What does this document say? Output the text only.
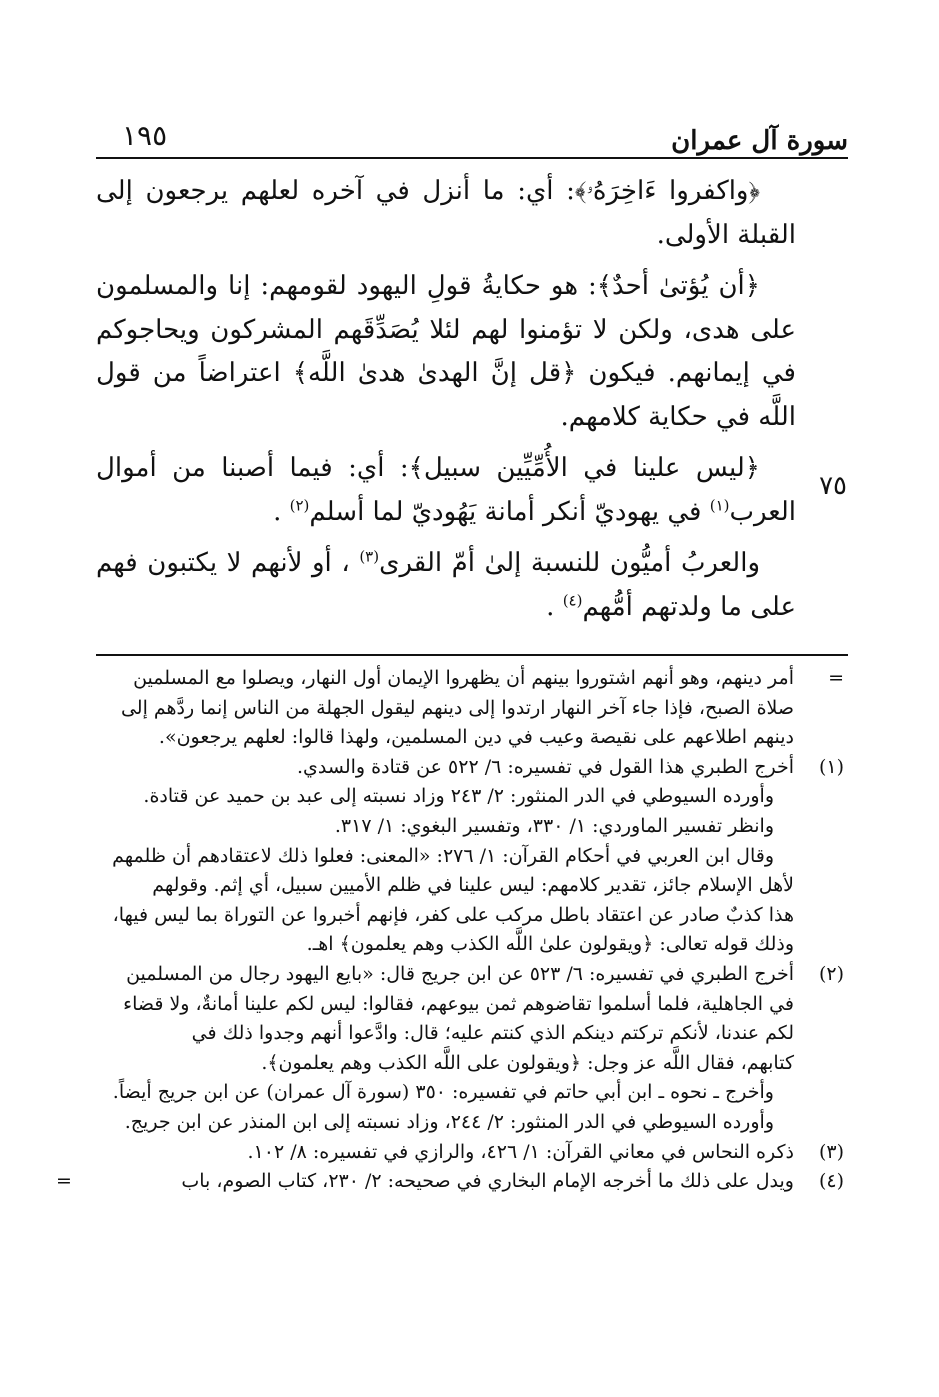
سورة آل عمران
١٩٥

﴿واكفروا ءَاخِرَهُۥ﴾: أي: ما أنزل في آخره لعلهم يرجعون إلى القبلة الأولى.

﴿أن يُؤتىٰ أحدٌ﴾: هو حكايةُ قولِ اليهود لقومهم: إنا والمسلمون على هدى، ولكن لا تؤمنوا لهم لئلا يُصَدِّقَهم المشركون ويحاجوكم في إيمانهم. فيكون ﴿قل إنَّ الهدىٰ هدىٰ اللَّه﴾ اعتراضاً من قول اللَّه في حكاية كلامهم.

﴿ليس علينا في الأُمِّيِّين سبيل﴾: أي: فيما أصبنا من أموال العرب$^{(١)}$ في يهوديّ أنكر أمانة يَهُوديّ لما أسلم$^{(٢)}$ .

والعربُ أميُّون للنسبة إلىٰ أمّ القرى$^{(٣)}$ ، أو لأنهم لا يكتبون فهم على ما ولدتهم أمُّهم$^{(٤)}$ .

٧٥
=
أمر دينهم، وهو أنهم اشتوروا بينهم أن يظهروا الإيمان أول النهار، ويصلوا مع المسلمين
صلاة الصبح، فإذا جاء آخر النهار ارتدوا إلى دينهم ليقول الجهلة من الناس إنما ردَّهم إلى
دينهم اطلاعهم على نقيصة وعيب في دين المسلمين، ولهذا قالوا: لعلهم يرجعون».
(١)
أخرج الطبري هذا القول في تفسيره: ٦/ ٥٢٢ عن قتادة والسدي.
وأورده السيوطي في الدر المنثور: ٢/ ٢٤٣ وزاد نسبته إلى عبد بن حميد عن قتادة.
وانظر تفسير الماوردي: ١/ ٣٣٠، وتفسير البغوي: ١/ ٣١٧.
وقال ابن العربي في أحكام القرآن: ١/ ٢٧٦: «المعنى: فعلوا ذلك لاعتقادهم أن ظلمهم
لأهل الإسلام جائز، تقدير كلامهم: ليس علينا في ظلم الأميين سبيل، أي إثم. وقولهم
هذا كذبٌ صادر عن اعتقاد باطل مركب على كفر، فإنهم أخبروا عن التوراة بما ليس فيها،
وذلك قوله تعالى: ﴿ويقولون علىٰ اللَّه الكذب وهم يعلمون﴾ اهـ.
(٢)
أخرج الطبري في تفسيره: ٦/ ٥٢٣ عن ابن جريج قال: «بايع اليهود رجال من المسلمين
في الجاهلية، فلما أسلموا تقاضوهم ثمن بيوعهم، فقالوا: ليس لكم علينا أمانةٌ، ولا قضاء
لكم عندنا، لأنكم تركتم دينكم الذي كنتم عليه؛ قال: وادَّعوا أنهم وجدوا ذلك في
كتابهم، فقال اللَّه عز وجل: ﴿ويقولون على اللَّه الكذب وهم يعلمون﴾.
وأخرج ـ نحوه ـ ابن أبي حاتم في تفسيره: ٣٥٠ (سورة آل عمران) عن ابن جريج أيضاً.
وأورده السيوطي في الدر المنثور: ٢/ ٢٤٤، وزاد نسبته إلى ابن المنذر عن ابن جريج.
(٣)
ذكره النحاس في معاني القرآن: ١/ ٤٢٦، والرازي في تفسيره: ٨/ ١٠٢.
(٤)
ويدل على ذلك ما أخرجه الإمام البخاري في صحيحه: ٢/ ٢٣٠، كتاب الصوم، باب
=
